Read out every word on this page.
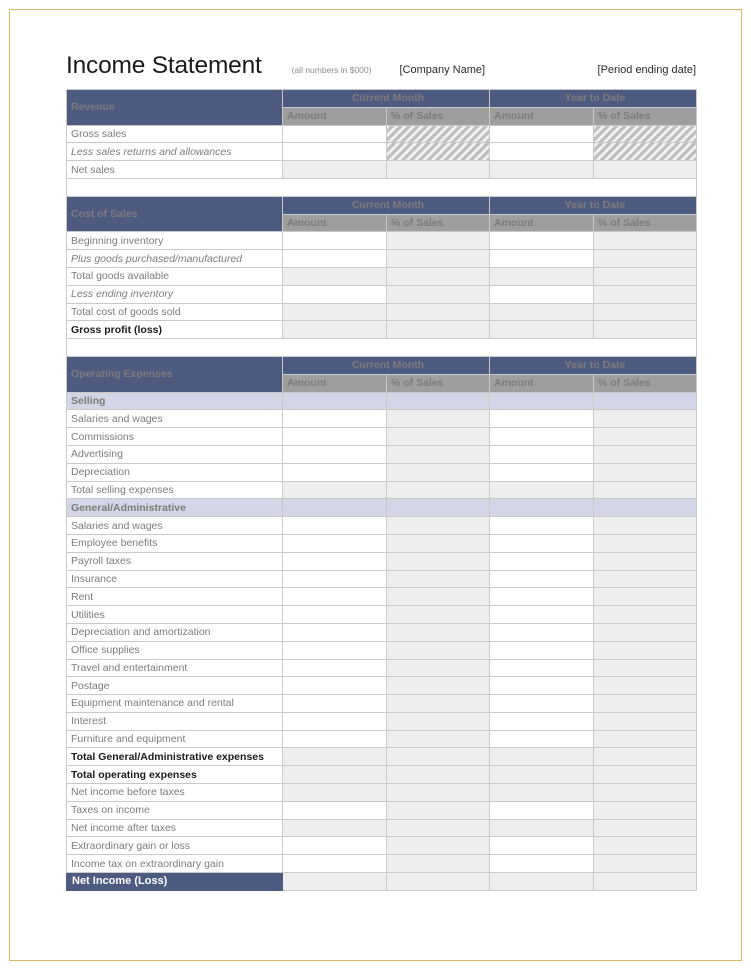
Income Statement	(all numbers in $000)	[Company Name]	[Period ending date]
Revenue	Current Month		Year to Date	
	Amount	% of Sales	Amount	% of Sales
Gross sales				
Less sales returns and allowances				
Net sales				

Cost of Sales	Current Month		Year to Date	
	Amount	% of Sales	Amount	% of Sales
Beginning inventory				
Plus goods purchased/manufactured				
Total goods available				
Less ending inventory				
Total cost of goods sold				
Gross profit (loss)				

Operating Expenses	Current Month		Year to Date	
	Amount	% of Sales	Amount	% of Sales
Selling				
Salaries and wages				
Commissions				
Advertising				
Depreciation				
Total selling expenses				
General/Administrative				
Salaries and wages				
Employee benefits				
Payroll taxes				
Insurance				
Rent				
Utilities				
Depreciation and amortization				
Office supplies				
Travel and entertainment				
Postage				
Equipment maintenance and rental				
Interest				
Furniture and equipment				
Total General/Administrative expenses				
Total operating expenses				
Net income before taxes				
Taxes on income				
Net income after taxes				
Extraordinary gain or loss				
Income tax on extraordinary gain				
Net Income (Loss)				
